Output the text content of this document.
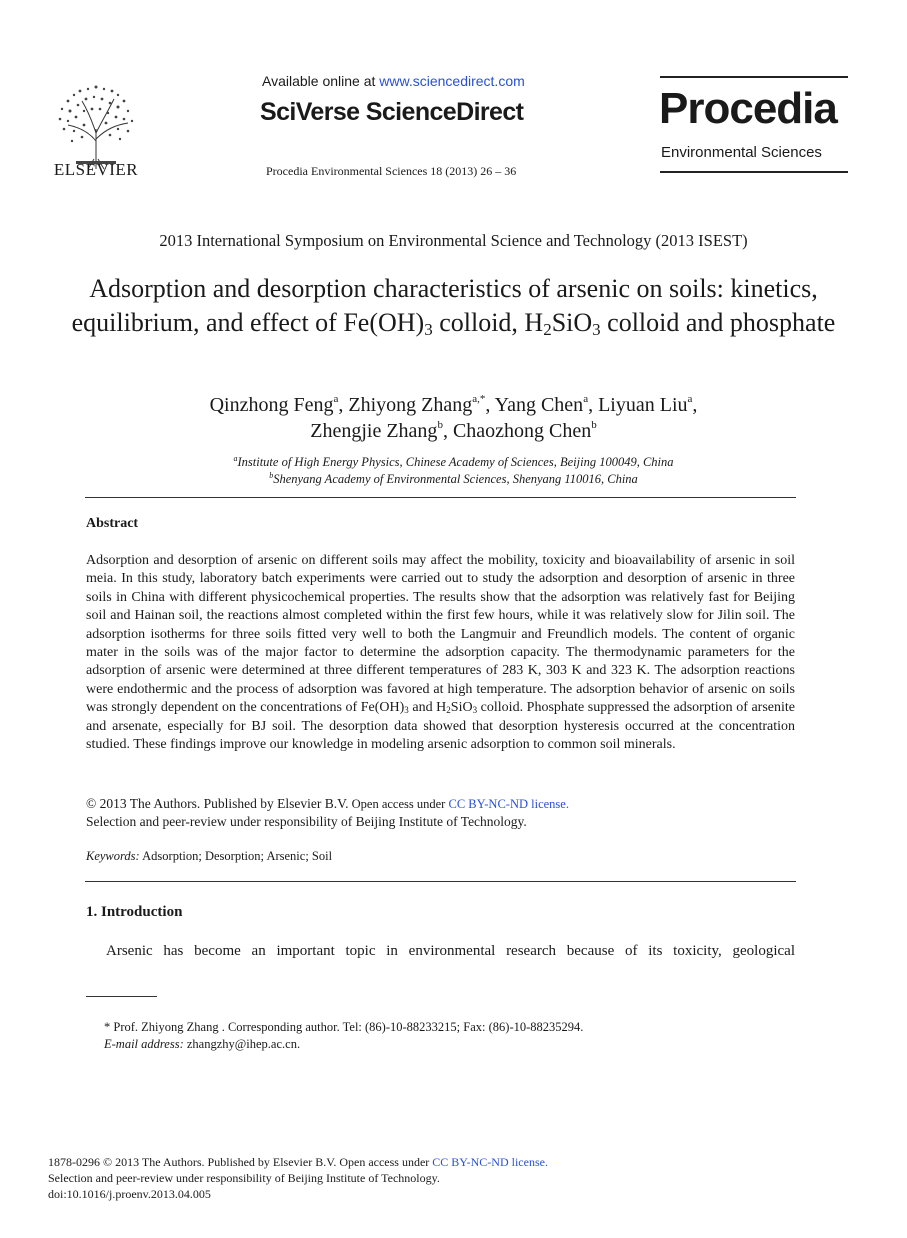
ELSEVIER
Available online at www.sciencedirect.com
SciVerse ScienceDirect
Procedia Environmental Sciences 18 (2013) 26 – 36
Procedia
Environmental Sciences
2013 International Symposium on Environmental Science and Technology (2013 ISEST)
Adsorption and desorption characteristics of arsenic on soils: kinetics, equilibrium, and effect of $Fe(OH)_3$ colloid, $H_2SiO_3$ colloid and phosphate
Qinzhong Feng$^a$, Zhiyong Zhang$^{a,*}$, Yang Chen$^a$, Liyuan Liu$^a$,
Zhengjie Zhang$^b$, Chaozhong Chen$^b$
$^a$Institute of High Energy Physics, Chinese Academy of Sciences, Beijing 100049, China
$^b$Shenyang Academy of Environmental Sciences, Shenyang 110016, China
Abstract
Adsorption and desorption of arsenic on different soils may affect the mobility, toxicity and bioavailability of arsenic in soil meia. In this study, laboratory batch experiments were carried out to study the adsorption and desorption of arsenic in three soils in China with different physicochemical properties. The results show that the adsorption was relatively fast for Beijing soil and Hainan soil, the reactions almost completed within the first few hours, while it was relatively slow for Jilin soil. The adsorption isotherms for three soils fitted very well to both the Langmuir and Freundlich models. The content of organic mater in the soils was of the major factor to determine the adsorption capacity. The thermodynamic parameters for the adsorption of arsenic were determined at three different temperatures of 283 K, 303 K and 323 K. The adsorption reactions were endothermic and the process of adsorption was favored at high temperature. The adsorption behavior of arsenic on soils was strongly dependent on the concentrations of $Fe(OH)_3$ and $H_2SiO_3$ colloid. Phosphate suppressed the adsorption of arsenite and arsenate, especially for BJ soil. The desorption data showed that desorption hysteresis occurred at the concentration studied. These findings improve our knowledge in modeling arsenic adsorption to common soil minerals.
© 2013 The Authors. Published by Elsevier B.V. Open access under CC BY-NC-ND license.
Selection and peer-review under responsibility of Beijing Institute of Technology.
Keywords: Adsorption; Desorption; Arsenic; Soil
1. Introduction
Arsenic has become an important topic in environmental research because of its toxicity, geological
* Prof. Zhiyong Zhang . Corresponding author. Tel: (86)-10-88233215; Fax: (86)-10-88235294.
E-mail address: zhangzhy@ihep.ac.cn.
1878-0296 © 2013 The Authors. Published by Elsevier B.V. Open access under CC BY-NC-ND license.
Selection and peer-review under responsibility of Beijing Institute of Technology.
doi:10.1016/j.proenv.2013.04.005
